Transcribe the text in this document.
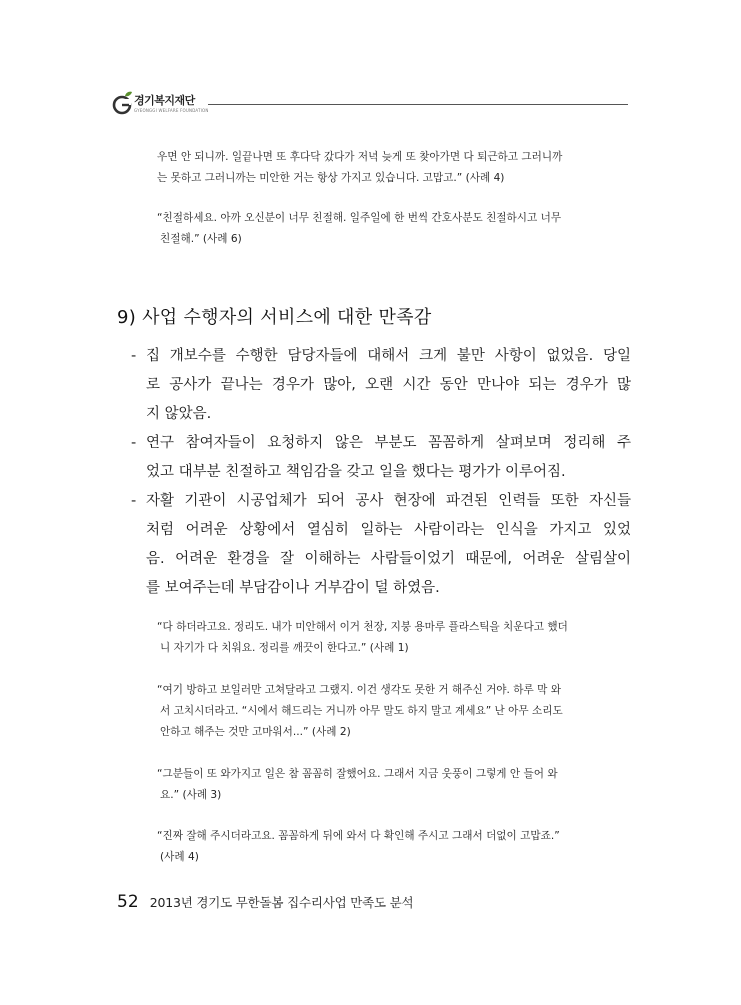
경기복지재단
GYEONGGI WELFARE FOUNDATION
우면 안 되니까. 일끝나면 또 후다닥 갔다가 저녁 늦게 또 찾아가면 다 퇴근하고 그러니까
는 못하고 그러니까는 미안한 거는 항상 가지고 있습니다. 고맙고.” (사례 4)
“친절하세요. 아까 오신분이 너무 친절해. 일주일에 한 번씩 간호사분도 친절하시고 너무
친절해.” (사례 6)
9) 사업 수행자의 서비스에 대한 만족감
- 집 개보수를 수행한 담당자들에 대해서 크게 불만 사항이 없었음. 당일
로 공사가 끝나는 경우가 많아, 오랜 시간 동안 만나야 되는 경우가 많
지 않았음.
- 연구 참여자들이 요청하지 않은 부분도 꼼꼼하게 살펴보며 정리해 주
었고 대부분 친절하고 책임감을 갖고 일을 했다는 평가가 이루어짐.
- 자활 기관이 시공업체가 되어 공사 현장에 파견된 인력들 또한 자신들
처럼 어려운 상황에서 열심히 일하는 사람이라는 인식을 가지고 있었
음. 어려운 환경을 잘 이해하는 사람들이었기 때문에, 어려운 살림살이
를 보여주는데 부담감이나 거부감이 덜 하였음.
“다 하더라고요. 정리도. 내가 미안해서 이거 천장, 지붕 용마루 플라스틱을 치운다고 했더
니 자기가 다 치워요. 정리를 깨끗이 한다고.” (사례 1)
“여기 방하고 보일러만 고쳐달라고 그랬지. 이건 생각도 못한 거 해주신 거야. 하루 막 와
서 고치시더라고. “시에서 해드리는 거니까 아무 말도 하지 말고 계세요” 난 아무 소리도
안하고 해주는 것만 고마워서...” (사례 2)
“그분들이 또 와가지고 일은 참 꼼꼼히 잘했어요. 그래서 지금 웃풍이 그렇게 안 들어 와
요.” (사례 3)
“진짜 잘해 주시더라고요. 꼼꼼하게 뒤에 와서 다 확인해 주시고 그래서 더없이 고맙죠.”
(사례 4)
52 2013년 경기도 무한돌봄 집수리사업 만족도 분석
